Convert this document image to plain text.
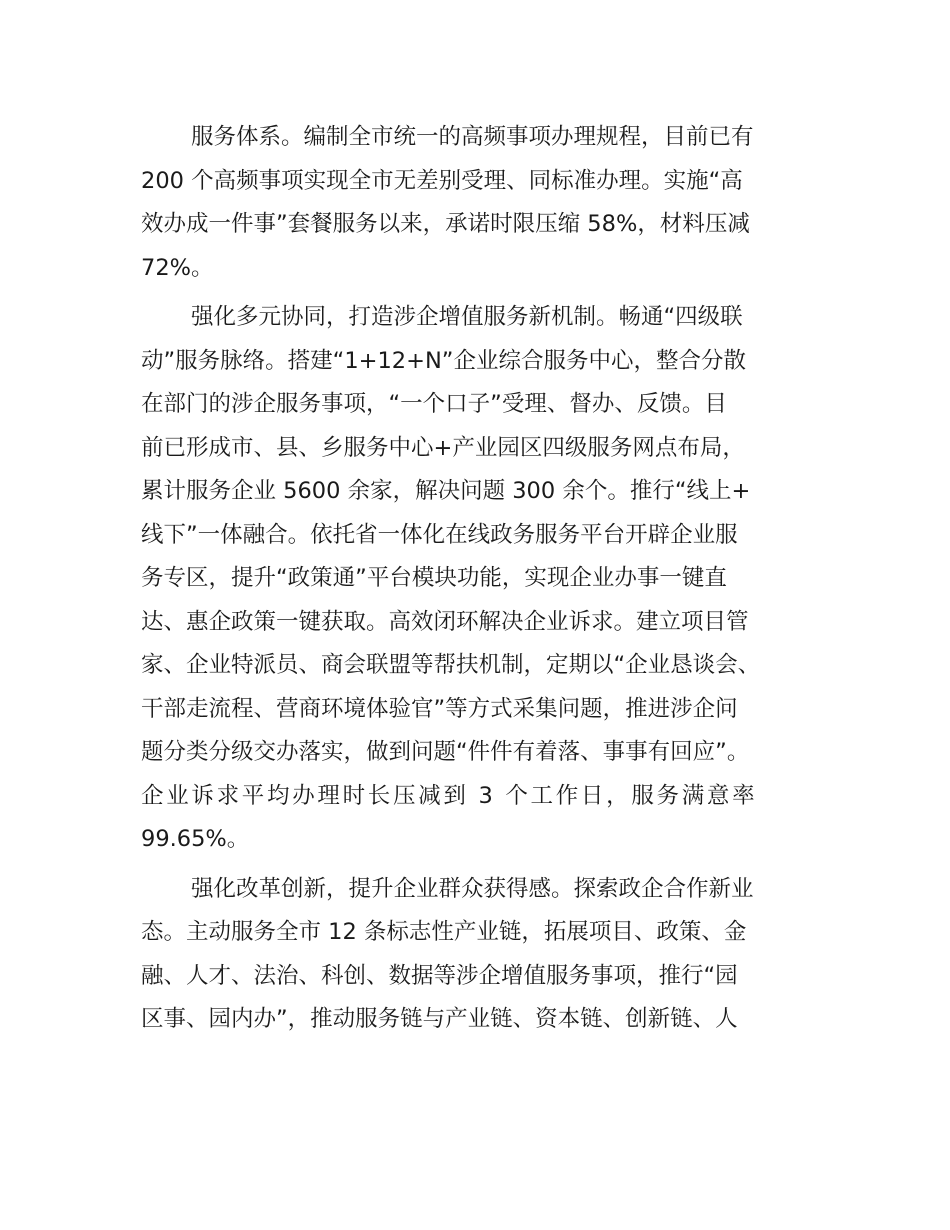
服务体系。编制全市统一的高频事项办理规程，目前已有
200 个高频事项实现全市无差别受理、同标准办理。实施“高
效办成一件事”套餐服务以来，承诺时限压缩 58%，材料压减
72%。
强化多元协同，打造涉企增值服务新机制。畅通“四级联
动”服务脉络。搭建“1+12+N”企业综合服务中心，整合分散
在部门的涉企服务事项，“一个口子”受理、督办、反馈。目
前已形成市、县、乡服务中心+产业园区四级服务网点布局，
累计服务企业 5600 余家，解决问题 300 余个。推行“线上+
线下”一体融合。依托省一体化在线政务服务平台开辟企业服
务专区，提升“政策通”平台模块功能，实现企业办事一键直
达、惠企政策一键获取。高效闭环解决企业诉求。建立项目管
家、企业特派员、商会联盟等帮扶机制，定期以“企业恳谈会、
干部走流程、营商环境体验官”等方式采集问题，推进涉企问
题分类分级交办落实，做到问题“件件有着落、事事有回应”。
企业诉求平均办理时长压减到 3 个工作日，服务满意率
99.65%。
强化改革创新，提升企业群众获得感。探索政企合作新业
态。主动服务全市 12 条标志性产业链，拓展项目、政策、金
融、人才、法治、科创、数据等涉企增值服务事项，推行“园
区事、园内办”，推动服务链与产业链、资本链、创新链、人
